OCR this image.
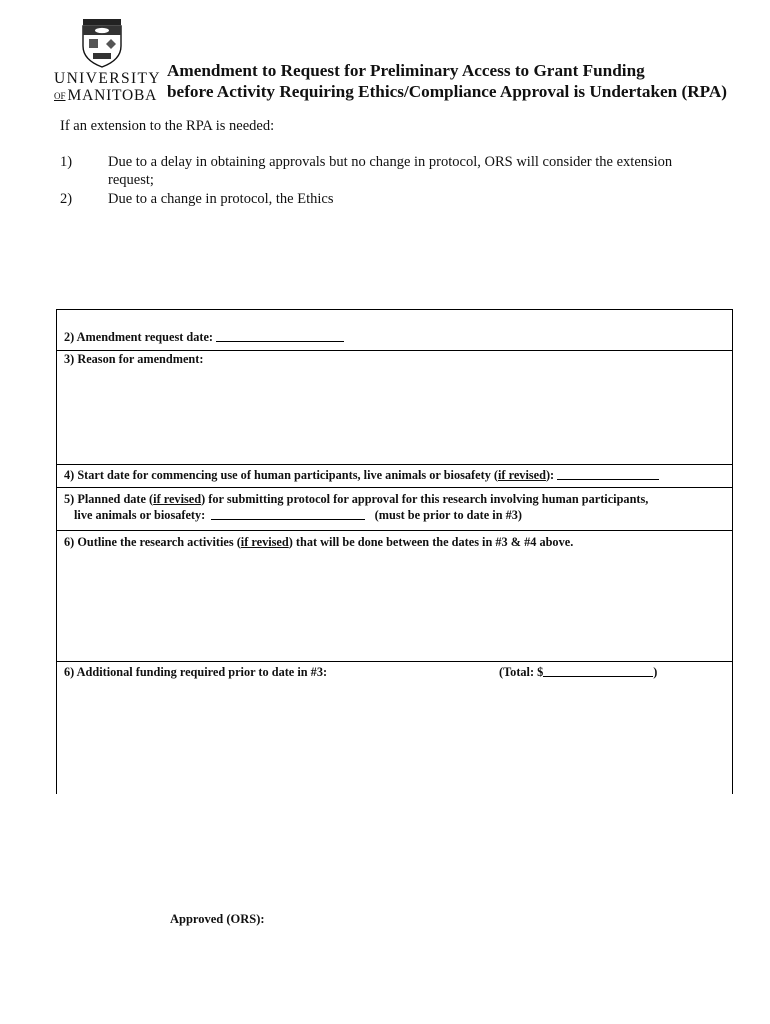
UNIVERSITY
OF MANITOBA
Amendment to Request for Preliminary Access to Grant Funding
before Activity Requiring Ethics/Compliance Approval is Undertaken (RPA)
If an extension to the RPA is needed:
1) Due to a delay in obtaining approvals but no change in protocol, ORS will consider the extension request;
2) Due to a change in protocol, the Ethics
2) Amendment request date:
3) Reason for amendment:
4) Start date for commencing use of human participants, live animals or biosafety (if revised):
5) Planned date (if revised) for submitting protocol for approval for this research involving human participants,
live animals or biosafety:	(must be prior to date in #3)
6) Outline the research activities (if revised) that will be done between the dates in #3 & #4 above.
6) Additional funding required prior to date in #3:	(Total: $	)
Approved (ORS):
